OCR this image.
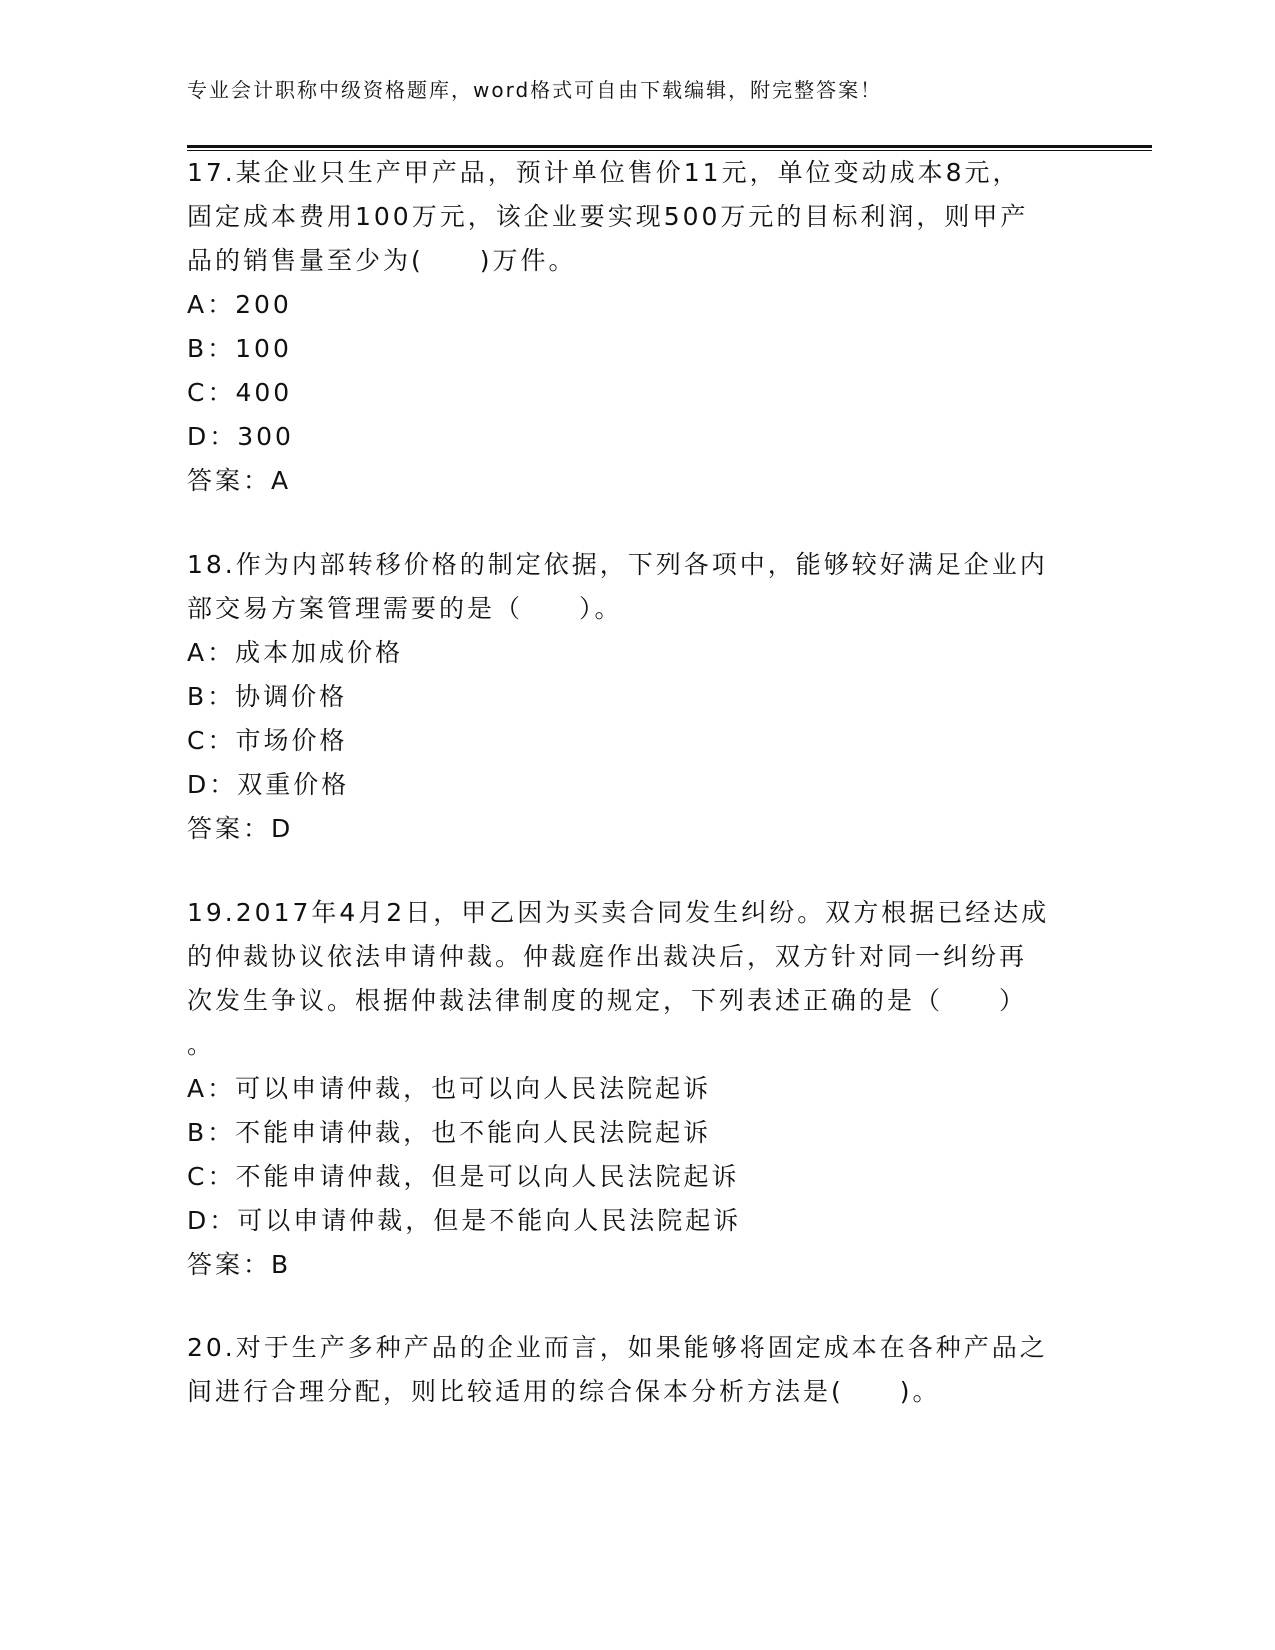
专业会计职称中级资格题库，word格式可自由下载编辑，附完整答案！
17.某企业只生产甲产品，预计单位售价11元，单位变动成本8元，
固定成本费用100万元，该企业要实现500万元的目标利润，则甲产
品的销售量至少为(　　)万件。
A：200
B：100
C：400
D：300
答案：A
18.作为内部转移价格的制定依据，下列各项中，能够较好满足企业内
部交易方案管理需要的是（　　）。
A：成本加成价格
B：协调价格
C：市场价格
D：双重价格
答案：D
19.2017年4月2日，甲乙因为买卖合同发生纠纷。双方根据已经达成
的仲裁协议依法申请仲裁。仲裁庭作出裁决后，双方针对同一纠纷再
次发生争议。根据仲裁法律制度的规定，下列表述正确的是（　　）
。
A：可以申请仲裁，也可以向人民法院起诉
B：不能申请仲裁，也不能向人民法院起诉
C：不能申请仲裁，但是可以向人民法院起诉
D：可以申请仲裁，但是不能向人民法院起诉
答案：B
20.对于生产多种产品的企业而言，如果能够将固定成本在各种产品之
间进行合理分配，则比较适用的综合保本分析方法是(　　)。
